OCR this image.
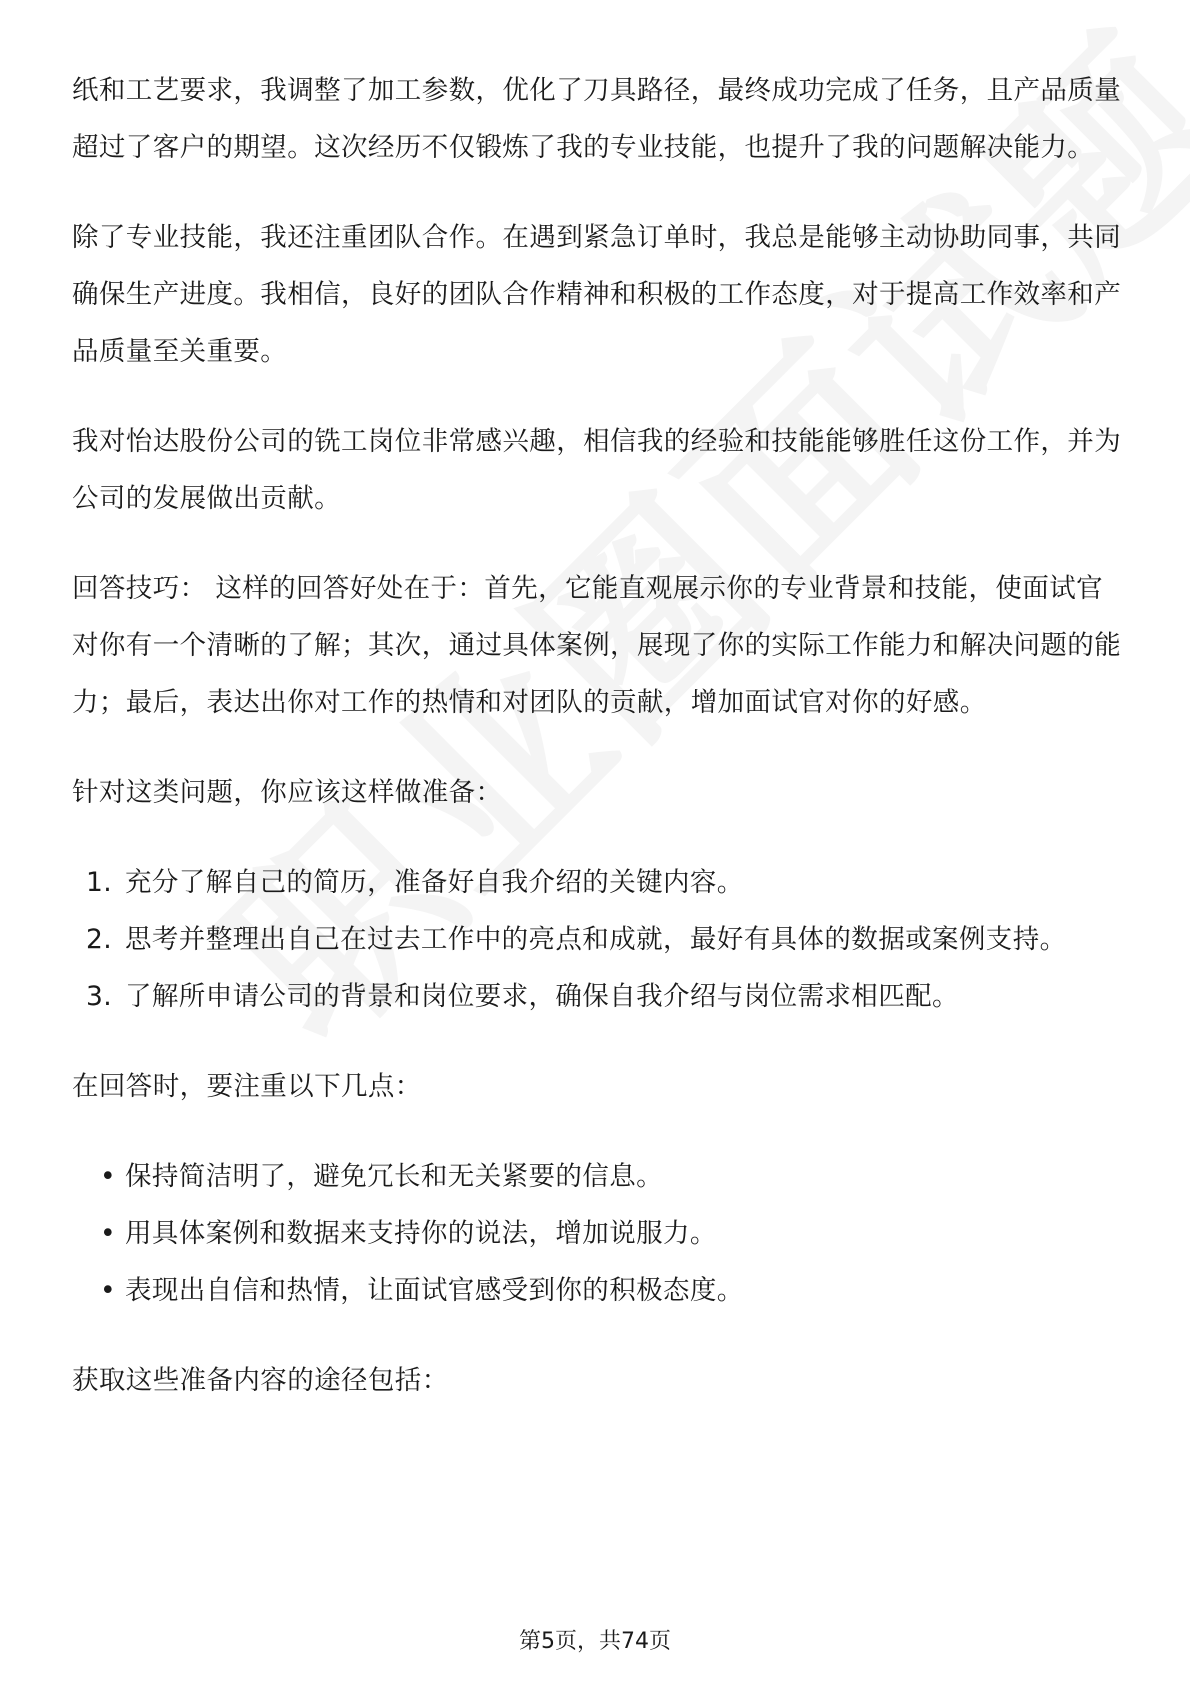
纸和工艺要求，我调整了加工参数，优化了刀具路径，最终成功完成了任务，且产品质量超过了客户的期望。这次经历不仅锻炼了我的专业技能，也提升了我的问题解决能力。

除了专业技能，我还注重团队合作。在遇到紧急订单时，我总是能够主动协助同事，共同确保生产进度。我相信，良好的团队合作精神和积极的工作态度，对于提高工作效率和产品质量至关重要。

我对怡达股份公司的铣工岗位非常感兴趣，相信我的经验和技能能够胜任这份工作，并为公司的发展做出贡献。

回答技巧： 这样的回答好处在于：首先，它能直观展示你的专业背景和技能，使面试官对你有一个清晰的了解；其次，通过具体案例，展现了你的实际工作能力和解决问题的能力；最后，表达出你对工作的热情和对团队的贡献，增加面试官对你的好感。

针对这类问题，你应该这样做准备：

1. 充分了解自己的简历，准备好自我介绍的关键内容。
2. 思考并整理出自己在过去工作中的亮点和成就，最好有具体的数据或案例支持。
3. 了解所申请公司的背景和岗位要求，确保自我介绍与岗位需求相匹配。

在回答时，要注重以下几点：

• 保持简洁明了，避免冗长和无关紧要的信息。
• 用具体案例和数据来支持你的说法，增加说服力。
• 表现出自信和热情，让面试官感受到你的积极态度。

获取这些准备内容的途径包括：

第5页，共74页
